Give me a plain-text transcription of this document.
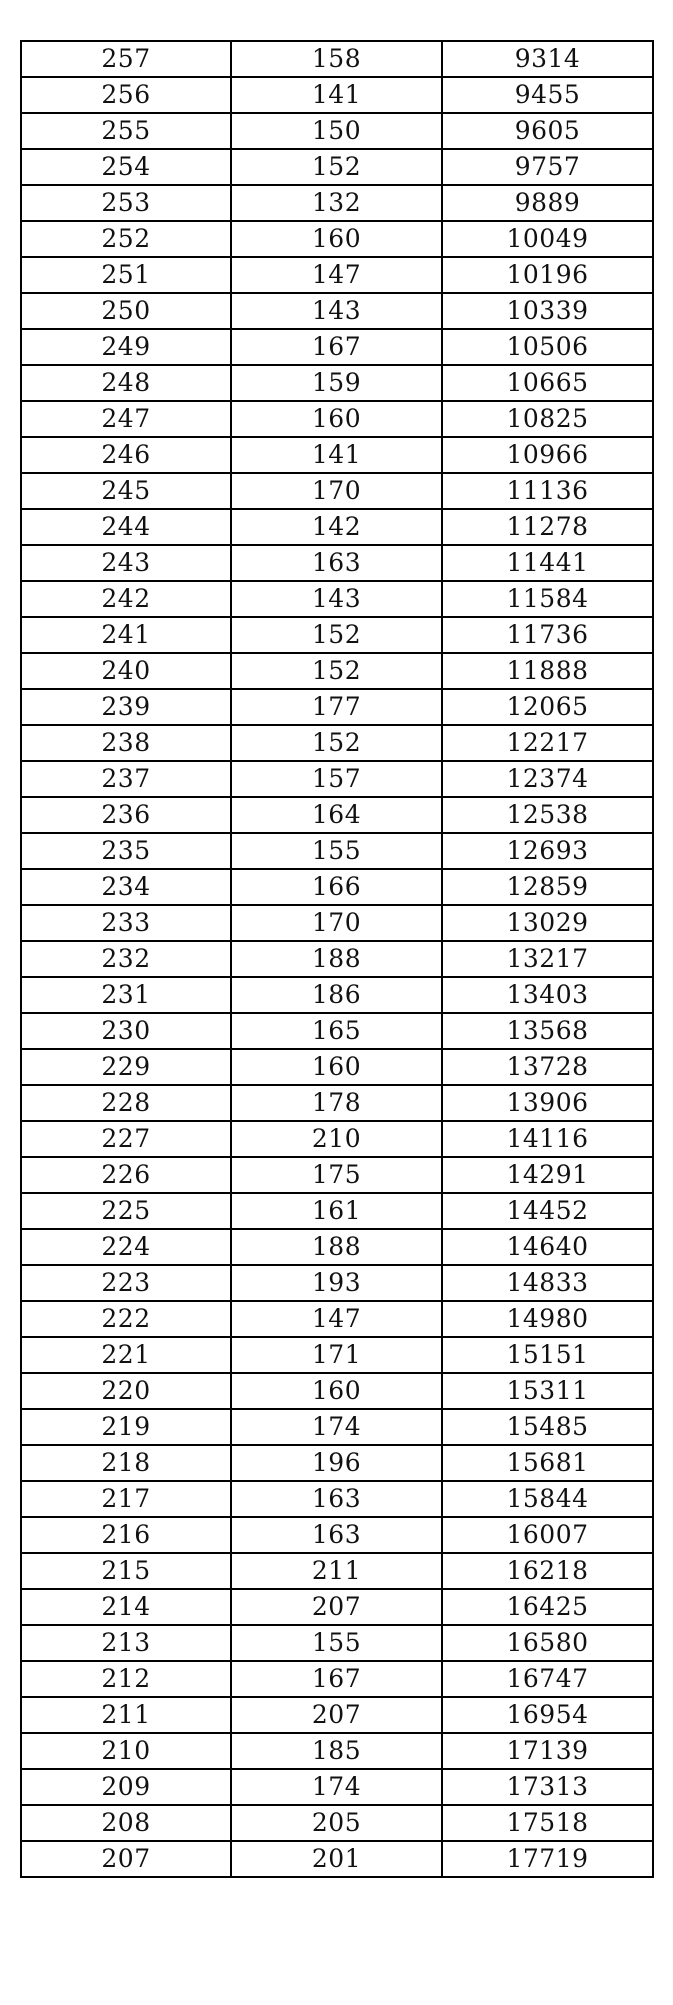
257	158	9314
256	141	9455
255	150	9605
254	152	9757
253	132	9889
252	160	10049
251	147	10196
250	143	10339
249	167	10506
248	159	10665
247	160	10825
246	141	10966
245	170	11136
244	142	11278
243	163	11441
242	143	11584
241	152	11736
240	152	11888
239	177	12065
238	152	12217
237	157	12374
236	164	12538
235	155	12693
234	166	12859
233	170	13029
232	188	13217
231	186	13403
230	165	13568
229	160	13728
228	178	13906
227	210	14116
226	175	14291
225	161	14452
224	188	14640
223	193	14833
222	147	14980
221	171	15151
220	160	15311
219	174	15485
218	196	15681
217	163	15844
216	163	16007
215	211	16218
214	207	16425
213	155	16580
212	167	16747
211	207	16954
210	185	17139
209	174	17313
208	205	17518
207	201	17719
